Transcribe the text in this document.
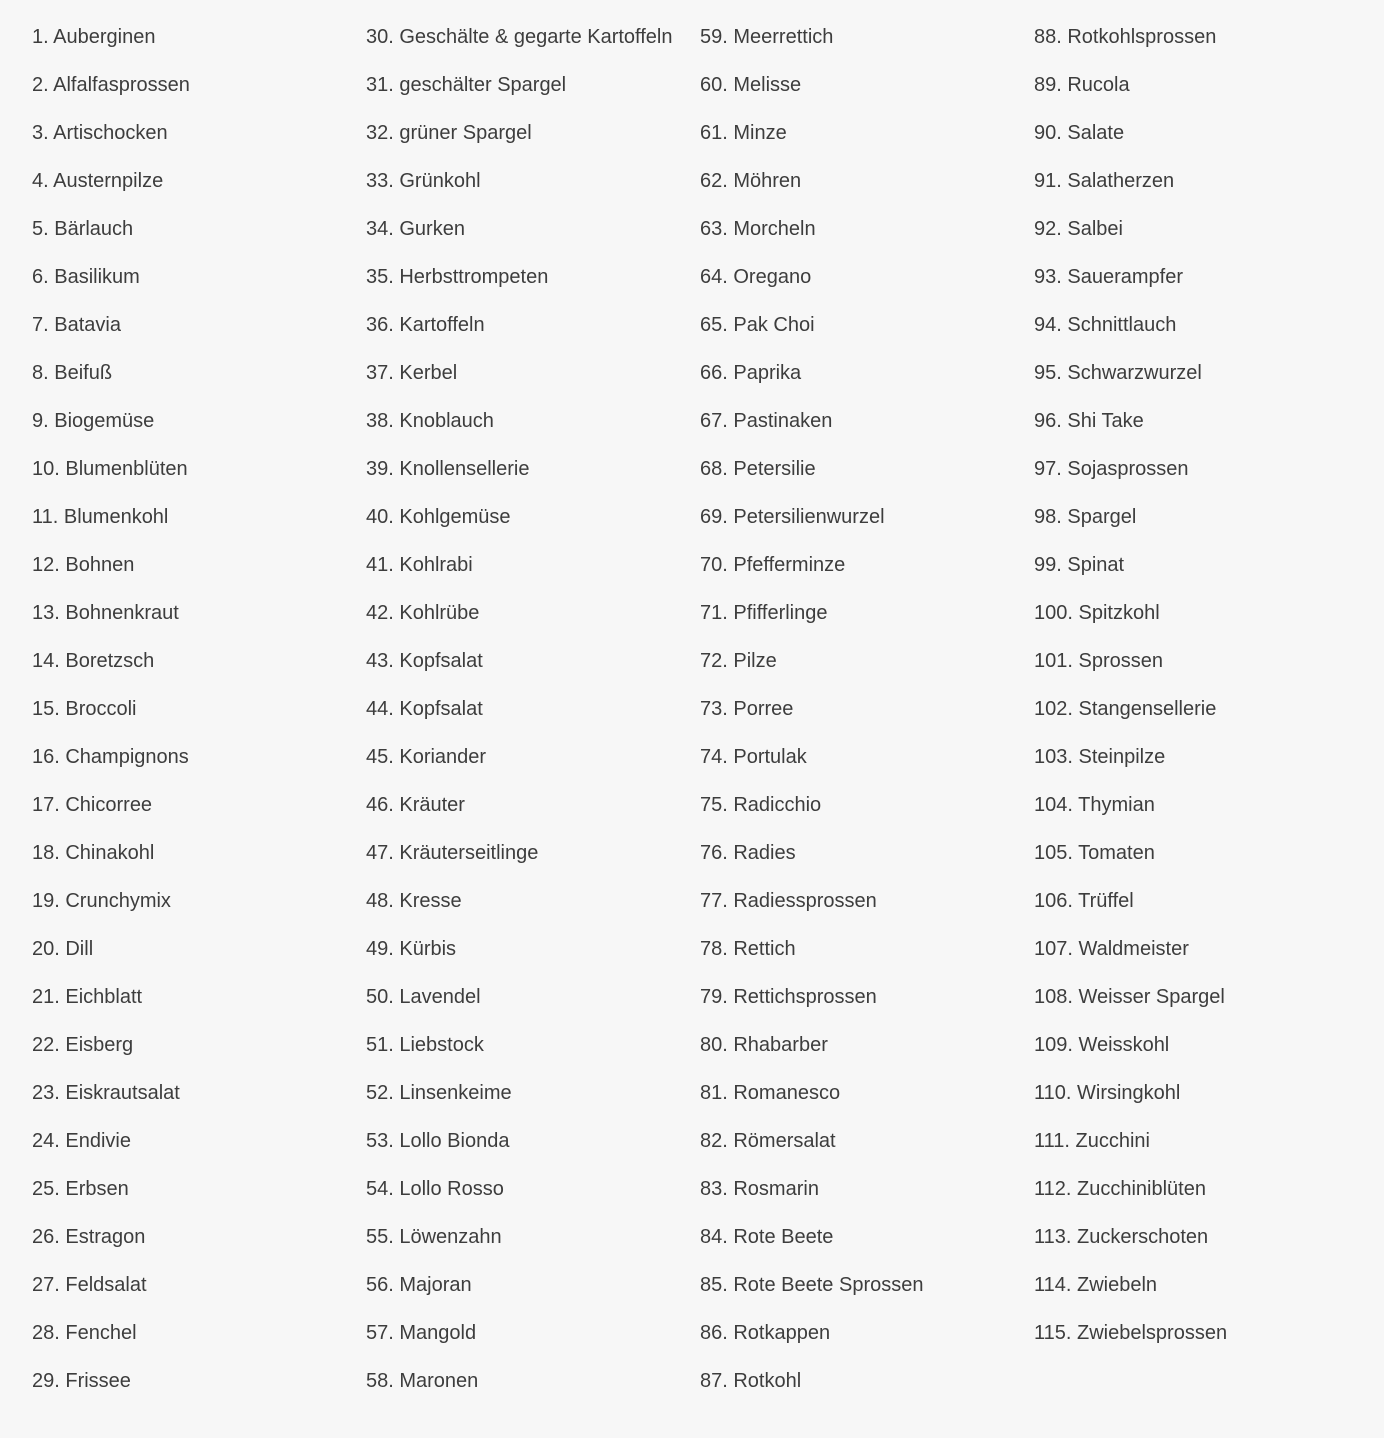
1. Auberginen
2. Alfalfasprossen
3. Artischocken
4. Austernpilze
5. Bärlauch
6. Basilikum
7. Batavia
8. Beifuß
9. Biogemüse
10. Blumenblüten
11. Blumenkohl
12. Bohnen
13. Bohnenkraut
14. Boretzsch
15. Broccoli
16. Champignons
17. Chicorree
18. Chinakohl
19. Crunchymix
20. Dill
21. Eichblatt
22. Eisberg
23. Eiskrautsalat
24. Endivie
25. Erbsen
26. Estragon
27. Feldsalat
28. Fenchel
29. Frissee
30. Geschälte & gegarte Kartoffeln
31. geschälter Spargel
32. grüner Spargel
33. Grünkohl
34. Gurken
35. Herbsttrompeten
36. Kartoffeln
37. Kerbel
38. Knoblauch
39. Knollensellerie
40. Kohlgemüse
41. Kohlrabi
42. Kohlrübe
43. Kopfsalat
44. Kopfsalat
45. Koriander
46. Kräuter
47. Kräuterseitlinge
48. Kresse
49. Kürbis
50. Lavendel
51. Liebstock
52. Linsenkeime
53. Lollo Bionda
54. Lollo Rosso
55. Löwenzahn
56. Majoran
57. Mangold
58. Maronen
59. Meerrettich
60. Melisse
61. Minze
62. Möhren
63. Morcheln
64. Oregano
65. Pak Choi
66. Paprika
67. Pastinaken
68. Petersilie
69. Petersilienwurzel
70. Pfefferminze
71. Pfifferlinge
72. Pilze
73. Porree
74. Portulak
75. Radicchio
76. Radies
77. Radiessprossen
78. Rettich
79. Rettichsprossen
80. Rhabarber
81. Romanesco
82. Römersalat
83. Rosmarin
84. Rote Beete
85. Rote Beete Sprossen
86. Rotkappen
87. Rotkohl
88. Rotkohlsprossen
89. Rucola
90. Salate
91. Salatherzen
92. Salbei
93. Sauerampfer
94. Schnittlauch
95. Schwarzwurzel
96. Shi Take
97. Sojasprossen
98. Spargel
99. Spinat
100. Spitzkohl
101. Sprossen
102. Stangensellerie
103. Steinpilze
104. Thymian
105. Tomaten
106. Trüffel
107. Waldmeister
108. Weisser Spargel
109. Weisskohl
110. Wirsingkohl
111. Zucchini
112. Zucchiniblüten
113. Zuckerschoten
114. Zwiebeln
115. Zwiebelsprossen
